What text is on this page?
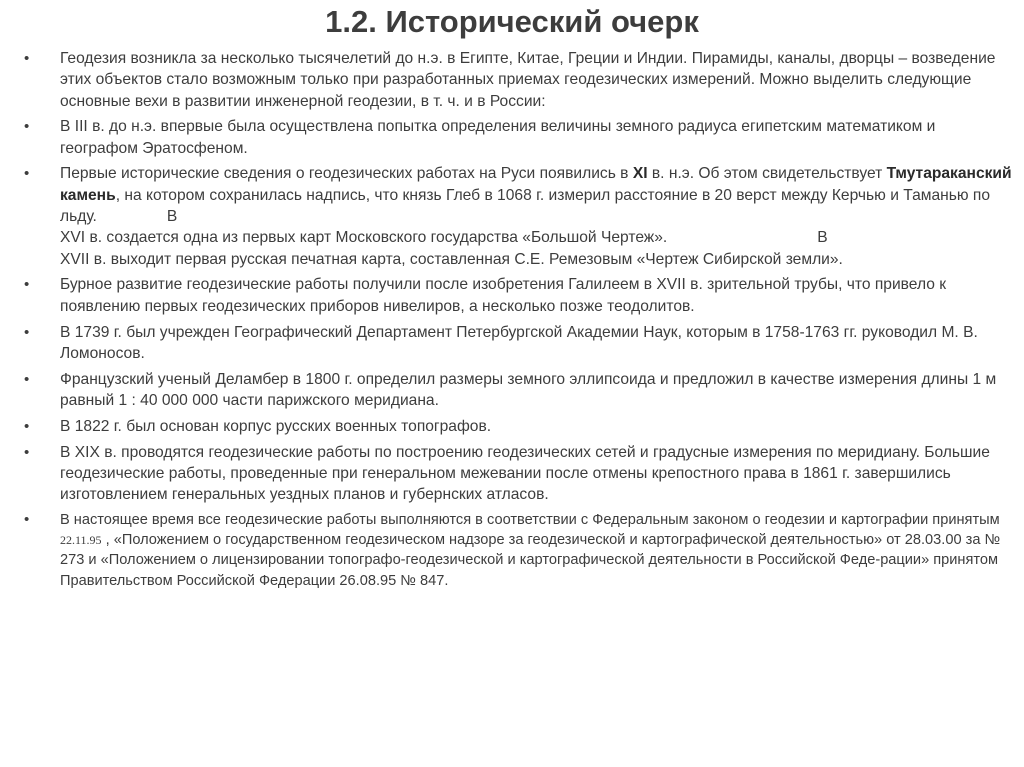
1.2. Исторический очерк
• Геодезия возникла за несколько тысячелетий до н.э. в Египте, Китае, Греции и Индии. Пирамиды, каналы, дворцы – возведение этих объектов стало возможным только при разработанных приемах геодезических измерений. Можно выделить следующие основные вехи в развитии инженерной геодезии, в т. ч. и в России:
• В III в. до н.э. впервые была осуществлена попытка определения величины земного радиуса египетским математиком и географом Эратосфеном.
• Первые исторические сведения о геодезических работах на Руси появились в XI в. н.э. Об этом свидетельствует Тмутараканский камень, на котором сохранилась надпись, что князь Глеб в 1068 г. измерил расстояние в 20 верст между Керчью и Таманью по льду.	В
XVI в. создается одна из первых карт Московского государства «Большой Чертеж».	В
XVII в. выходит первая русская печатная карта, составленная С.Е. Ремезовым «Чертеж Сибирской земли».
• Бурное развитие геодезические работы получили после изобретения Галилеем в XVII в. зрительной трубы, что привело к появлению первых геодезических приборов нивелиров, а несколько позже теодолитов.
• В 1739 г. был учрежден Географический Департамент Петербургской Академии Наук, которым в 1758-1763 гг. руководил М. В. Ломоносов.
• Французский ученый Деламбер в 1800 г. определил размеры земного эллипсоида и предложил в качестве измерения длины 1 м равный 1 : 40 000 000 части парижского меридиана.
• В 1822 г. был основан корпус русских военных топографов.
• В XIX в. проводятся геодезические работы по построению геодезических сетей и градусные измерения по меридиану. Большие геодезические работы, проведенные при генеральном межевании после отмены крепостного права в 1861 г. завершились изготовлением генеральных уездных планов и губернских атласов.
• В настоящее время все геодезические работы выполняются в соответствии с Федеральным законом о геодезии и картографии принятым 22.11.95 , «Положением о государственном геодезическом надзоре за геодезической и картографической деятельностью» от 28.03.00 за № 273 и «Положением о лицензировании топографо-геодезической и картографической деятельности в Российской Феде-рации» принятом Правительством Российской Федерации 26.08.95 № 847.
